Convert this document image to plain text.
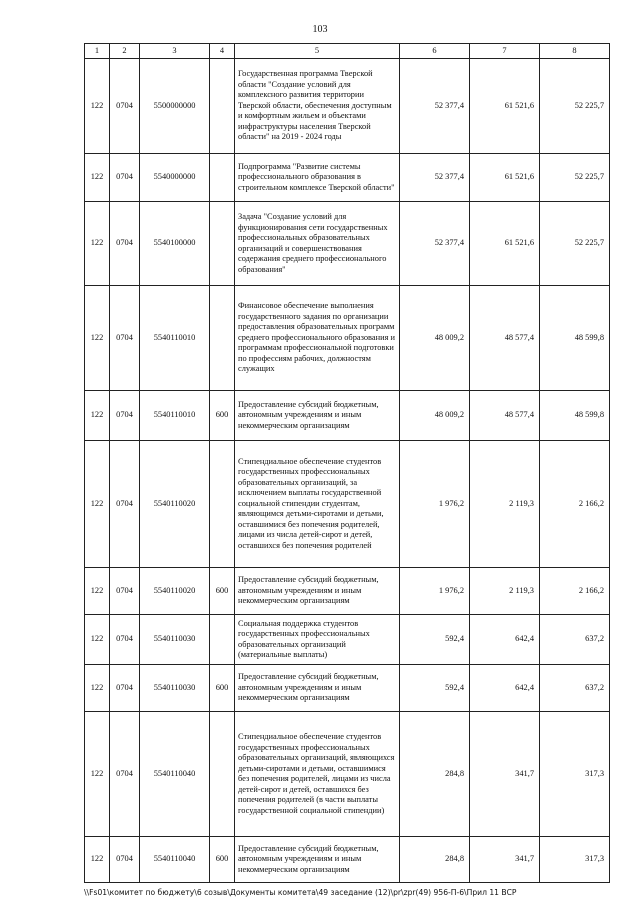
103
1	2	3	4	5	6	7	8
122	0704	5500000000		Государственная программа Тверской области "Создание условий для комплексного развития территории Тверской области, обеспечения доступным и комфортным жильем и объектами инфраструктуры населения Тверской области" на 2019 - 2024 годы	52 377,4	61 521,6	52 225,7
122	0704	5540000000		Подпрограмма "Развитие системы профессионального образования в строительном комплексе Тверской области"	52 377,4	61 521,6	52 225,7
122	0704	5540100000		Задача "Создание условий для функционирования сети государственных профессиональных образовательных организаций и совершенствования содержания среднего профессионального образования"	52 377,4	61 521,6	52 225,7
122	0704	5540110010		Финансовое обеспечение выполнения государственного задания по организации предоставления образовательных программ среднего профессионального образования и программам профессиональной подготовки по профессиям рабочих, должностям служащих	48 009,2	48 577,4	48 599,8
122	0704	5540110010	600	Предоставление субсидий бюджетным, автономным учреждениям и иным некоммерческим организациям	48 009,2	48 577,4	48 599,8
122	0704	5540110020		Стипендиальное обеспечение студентов государственных профессиональных образовательных организаций, за исключением выплаты государственной социальной стипендии студентам, являющимся детьми-сиротами и детьми, оставшимися без попечения родителей, лицами из числа детей-сирот и детей, оставшихся без попечения родителей	1 976,2	2 119,3	2 166,2
122	0704	5540110020	600	Предоставление субсидий бюджетным, автономным учреждениям и иным некоммерческим организациям	1 976,2	2 119,3	2 166,2
122	0704	5540110030		Социальная поддержка студентов государственных профессиональных образовательных организаций (материальные выплаты)	592,4	642,4	637,2
122	0704	5540110030	600	Предоставление субсидий бюджетным, автономным учреждениям и иным некоммерческим организациям	592,4	642,4	637,2
122	0704	5540110040		Стипендиальное обеспечение студентов государственных профессиональных образовательных организаций, являющихся детьми-сиротами и детьми, оставшимися без попечения родителей, лицами из числа детей-сирот и детей, оставшихся без попечения родителей (в части выплаты государственной социальной стипендии)	284,8	341,7	317,3
122	0704	5540110040	600	Предоставление субсидий бюджетным, автономным учреждениям и иным некоммерческим организациям	284,8	341,7	317,3
\\Fs01\комитет по бюджету\6 созыв\Документы комитета\49 заседание (12)\pr\zpr(49) 956-П-6\Прил 11 ВСР
